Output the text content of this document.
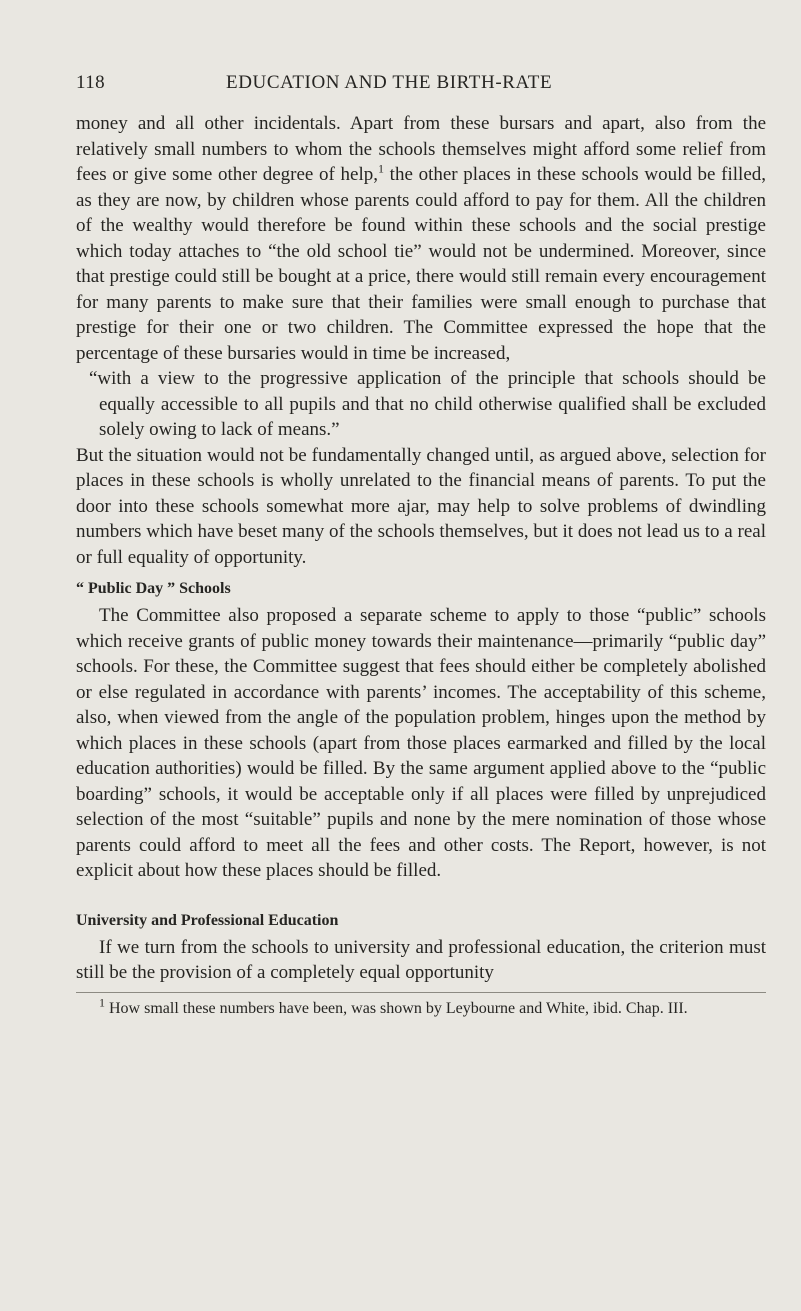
118	EDUCATION AND THE BIRTH-RATE

money and all other incidentals. Apart from these bursars and apart, also from the relatively small numbers to whom the schools themselves might afford some relief from fees or give some other degree of help,$^1$ the other places in these schools would be filled, as they are now, by children whose parents could afford to pay for them. All the children of the wealthy would therefore be found within these schools and the social prestige which today attaches to “the old school tie” would not be undermined. Moreover, since that prestige could still be bought at a price, there would still remain every encouragement for many parents to make sure that their families were small enough to purchase that prestige for their one or two children. The Committee expressed the hope that the percentage of these bursaries would in time be increased,

“with a view to the progressive application of the principle that schools should be equally accessible to all pupils and that no child otherwise qualified shall be excluded solely owing to lack of means.”

But the situation would not be fundamentally changed until, as argued above, selection for places in these schools is wholly unrelated to the financial means of parents. To put the door into these schools somewhat more ajar, may help to solve problems of dwindling numbers which have beset many of the schools themselves, but it does not lead us to a real or full equality of opportunity.

“ Public Day ” Schools

The Committee also proposed a separate scheme to apply to those “public” schools which receive grants of public money towards their maintenance—primarily “public day” schools. For these, the Committee suggest that fees should either be completely abolished or else regulated in accordance with parents’ incomes. The acceptability of this scheme, also, when viewed from the angle of the population problem, hinges upon the method by which places in these schools (apart from those places earmarked and filled by the local education authorities) would be filled. By the same argument applied above to the “public boarding” schools, it would be acceptable only if all places were filled by unprejudiced selection of the most “suitable” pupils and none by the mere nomination of those whose parents could afford to meet all the fees and other costs. The Report, however, is not explicit about how these places should be filled.

University and Professional Education

If we turn from the schools to university and professional education, the criterion must still be the provision of a completely equal opportunity

$^1$ How small these numbers have been, was shown by Leybourne and White, ibid. Chap. III.
